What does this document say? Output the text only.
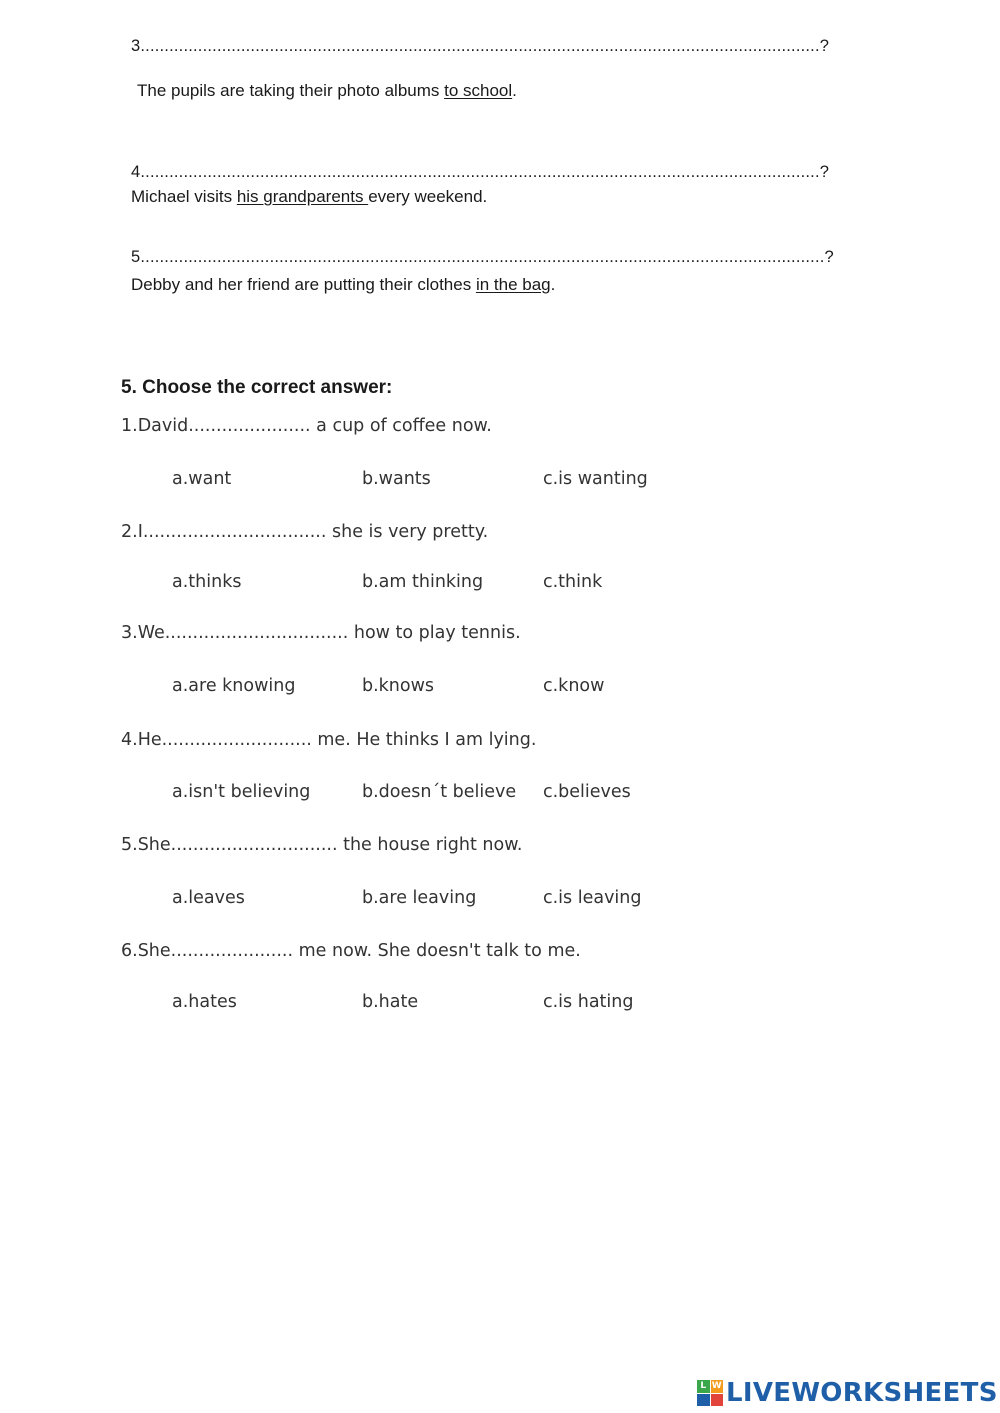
3..............................................................................................................................................?
The pupils are taking their photo albums to school.
4..............................................................................................................................................?
Michael visits his grandparents every weekend.
5...............................................................................................................................................?
Debby and her friend are putting their clothes in the bag.
5. Choose the correct answer:
1.David...................... a cup of coffee now.
a.want	b.wants	c.is wanting
2.I................................. she is very pretty.
a.thinks	b.am thinking	c.think
3.We................................. how to play tennis.
a.are knowing	b.knows	c.know
4.He........................... me. He thinks I am lying.
a.isn't believing	b.doesn´t believe c.believes
5.She.............................. the house right now.
a.leaves	b.are leaving	c.is leaving
6.She...................... me now. She doesn't talk to me.
a.hates	b.hate	c.is hating
L W LIVEWORKSHEETS
